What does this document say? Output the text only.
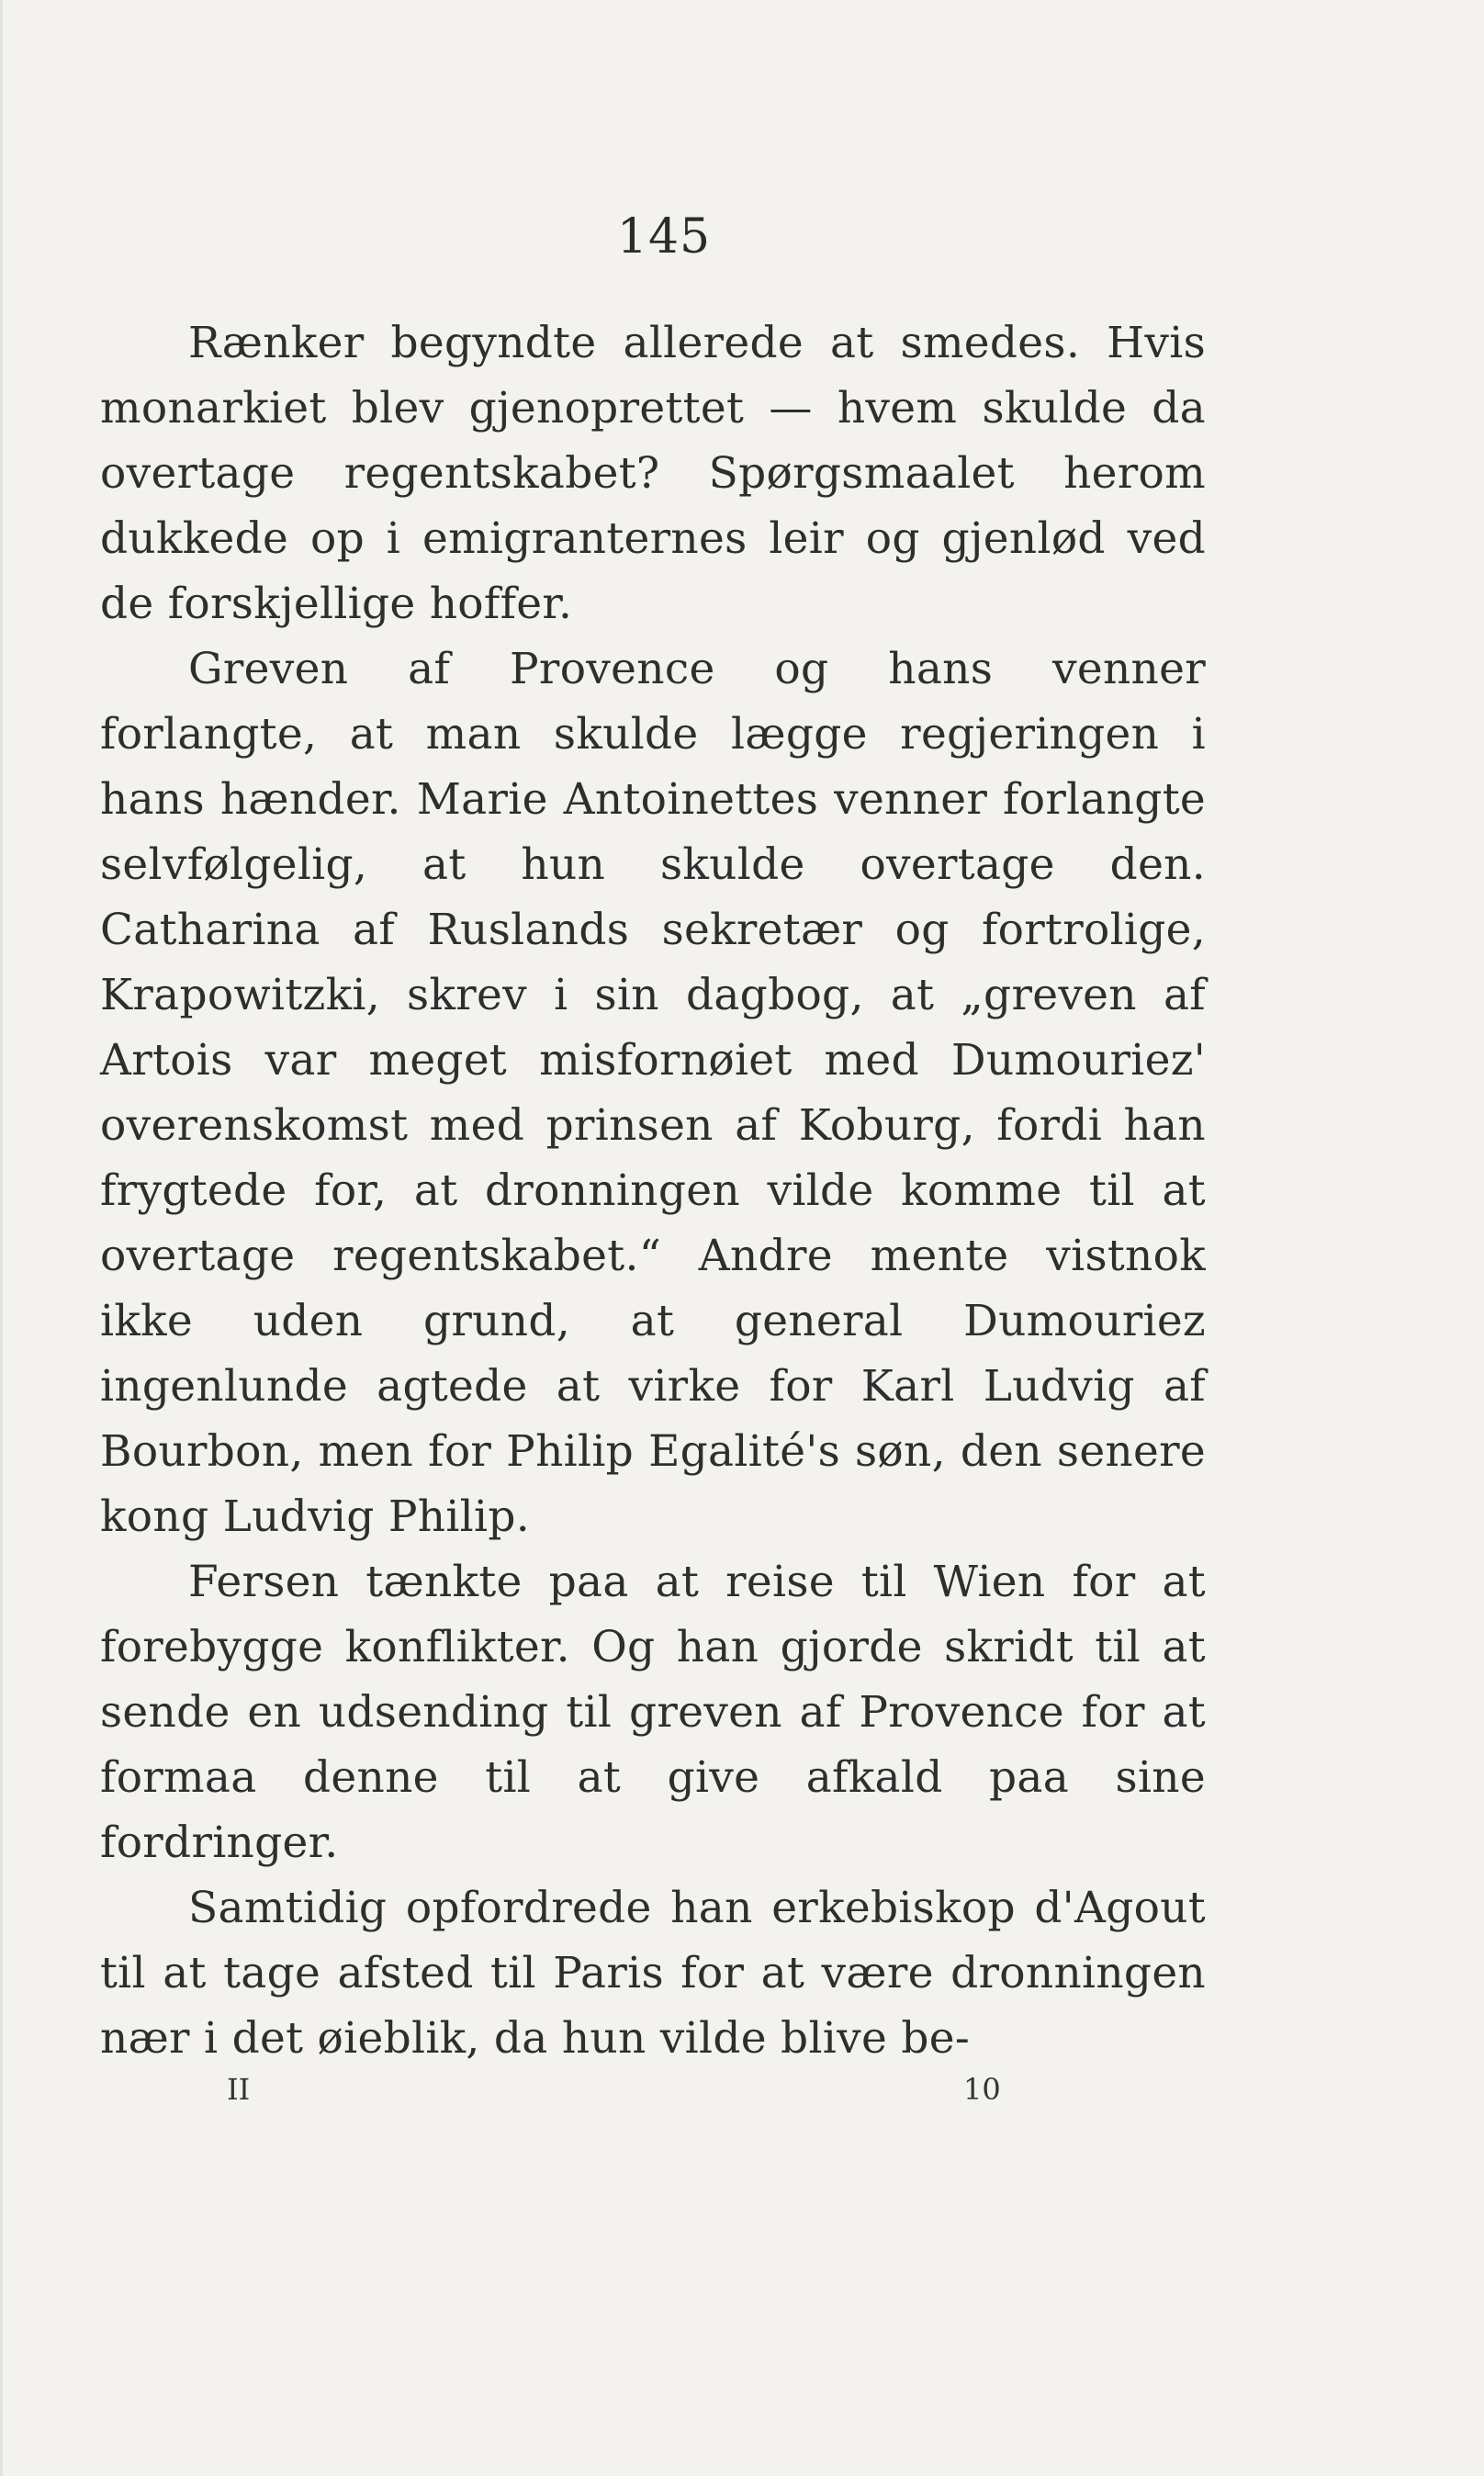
145

Rænker begyndte allerede at smedes. Hvis monarkiet blev gjenoprettet — hvem skulde da overtage regentskabet? Spørgsmaalet herom dukkede op i emigranternes leir og gjenlød ved de forskjellige hoffer.

Greven af Provence og hans venner forlangte, at man skulde lægge regjeringen i hans hænder. Marie Antoinettes venner forlangte selvfølgelig, at hun skulde overtage den. Catharina af Ruslands sekretær og fortrolige, Krapowitzki, skrev i sin dagbog, at „greven af Artois var meget misfornøiet med Dumouriez' overenskomst med prinsen af Koburg, fordi han frygtede for, at dronningen vilde komme til at overtage regentskabet.“ Andre mente vistnok ikke uden grund, at general Dumouriez ingenlunde agtede at virke for Karl Ludvig af Bourbon, men for Philip Egalité's søn, den senere kong Ludvig Philip.

Fersen tænkte paa at reise til Wien for at forebygge konflikter. Og han gjorde skridt til at sende en udsending til greven af Provence for at formaa denne til at give afkald paa sine fordringer.

Samtidig opfordrede han erkebiskop d'Agout til at tage afsted til Paris for at være dronningen nær i det øieblik, da hun vilde blive be-

II	10
